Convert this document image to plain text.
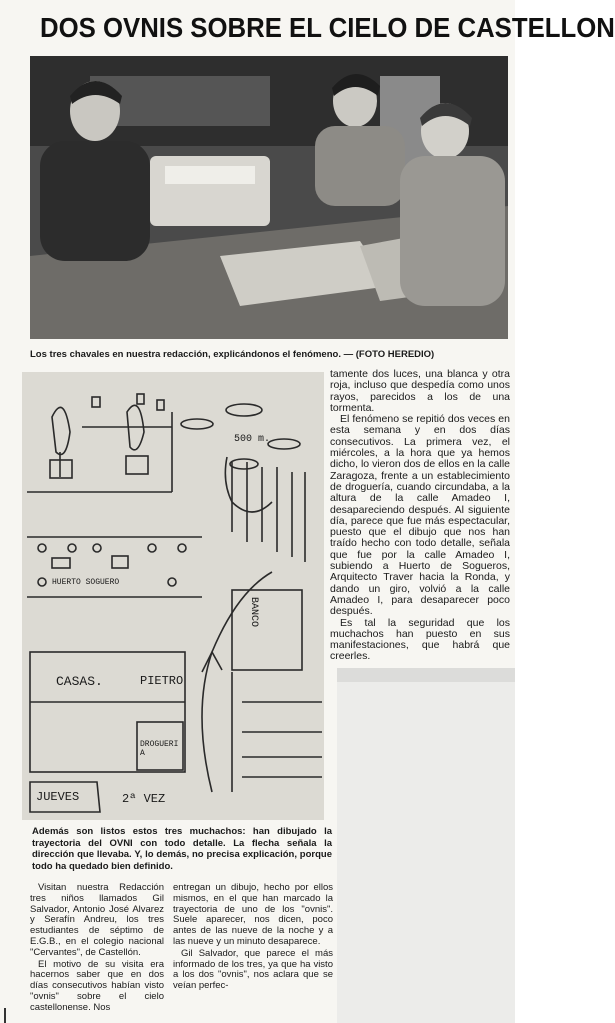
DOS OVNIS SOBRE EL CIELO DE CASTELLON
Los tres chavales en nuestra redacción, explicándonos el fenómeno. — (FOTO HEREDIO)
500 m.
HUERTO SOGUERO
BANCO
CASAS.	PIETRO
DROGUERIA
JUEVES	2ª VEZ

tamente dos luces, una blanca y otra roja, incluso que despedía como unos rayos, parecidos a los de una tormenta.

El fenómeno se repitió dos veces en esta semana y en dos días consecutivos. La primera vez, el miércoles, a la hora que ya hemos dicho, lo vieron dos de ellos en la calle Zaragoza, frente a un establecimiento de droguería, cuando circundaba, a la altura de la calle Amadeo I, desapareciendo después. Al siguiente día, parece que fue más espectacular, puesto que el dibujo que nos han traído hecho con todo detalle, señala que fue por la calle Amadeo I, subiendo a Huerto de Sogueros, Arquitecto Traver hacia la Ronda, y dando un giro, volvió a la calle Amadeo I, para desaparecer poco después.

Es tal la seguridad que los muchachos han puesto en sus manifestaciones, que habrá que creerles.

Además son listos estos tres muchachos: han dibujado la trayectoria del OVNI con todo detalle. La flecha señala la dirección que llevaba. Y, lo demás, no precisa explicación, porque todo ha quedado bien definido.

Visitan nuestra Redacción tres niños llamados Gil Salvador, Antonio José Alvarez y Serafín Andreu, los tres estudiantes de séptimo de E.G.B., en el colegio nacional "Cervantes", de Castellón.

El motivo de su visita era hacernos saber que en dos días consecutivos habían visto "ovnis" sobre el cielo castellonense. Nos

entregan un dibujo, hecho por ellos mismos, en el que han marcado la trayectoria de uno de los "ovnis". Suele aparecer, nos dicen, poco antes de las nueve de la noche y a las nueve y un minuto desaparece.

Gil Salvador, que parece el más informado de los tres, ya que ha visto a los dos "ovnis", nos aclara que se veían perfec-
